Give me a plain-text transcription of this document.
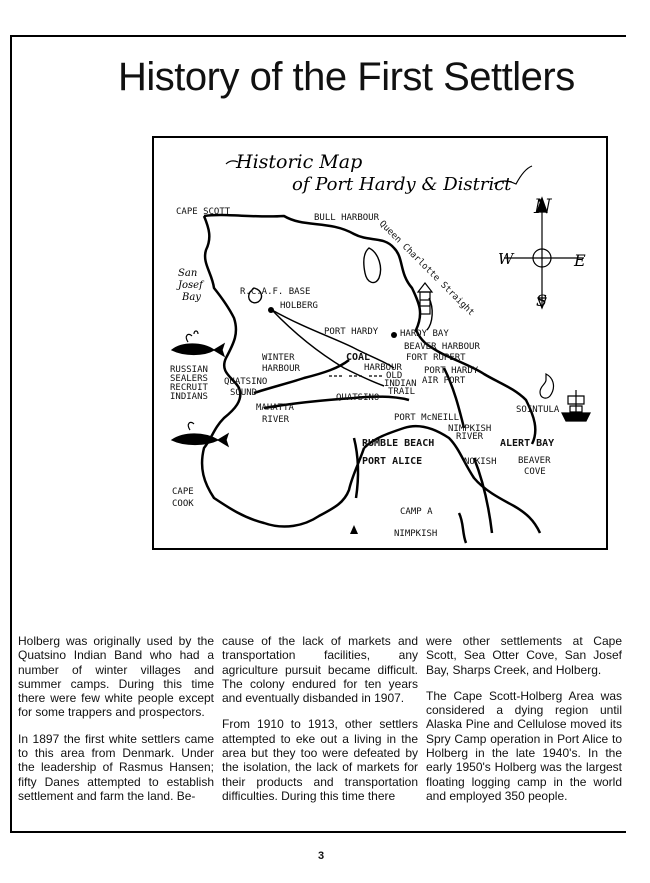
History of the First Settlers
Historic Map
of Port Hardy & District
N
S
E
W
CAPE SCOTT
BULL HARBOUR
Queen Charlotte Straight
San
Josef
Bay	R.C.A.F. BASE
HOLBERG
PORT HARDY HARDY BAY
BEAVER HARBOUR
WINTER
HARBOUR
COAL
HARBOUR
FORT RUPERT
PORT HARDY
AIR PORT
RUSSIAN
SEALERS
RECRUIT
INDIANS
QUATSINO
SOUND
OLD
INDIAN
TRAIL
MAHATTA
RIVER
QUATSINO
PORT McNEILL
SOINTULA
NIMPKISH
RIVER
RUMBLE BEACH
PORT ALICE
ALERT BAY
NOKISH BEAVER
COVE
CAPE
COOK
CAMP A
NIMPKISH

Holberg was originally used by the Quatsino Indian Band who had a number of winter villages and summer camps. During this time there were few white people except for some trappers and prospectors.

In 1897 the first white settlers came to this area from Denmark. Under the leadership of Rasmus Hansen; fifty Danes attempted to establish settlement and farm the land. Be-

cause of the lack of markets and transportation facilities, any agriculture pursuit became difficult. The colony endured for ten years and eventually disbanded in 1907.

From 1910 to 1913, other settlers attempted to eke out a living in the area but they too were defeated by the isolation, the lack of markets for their products and transportation difficulties. During this time there

were other settlements at Cape Scott, Sea Otter Cove, San Josef Bay, Sharps Creek, and Holberg.

The Cape Scott-Holberg Area was considered a dying region until Alaska Pine and Cellulose moved its Spry Camp operation in Port Alice to Holberg in the late 1940's. In the early 1950's Holberg was the largest floating logging camp in the world and employed 350 people.

3
